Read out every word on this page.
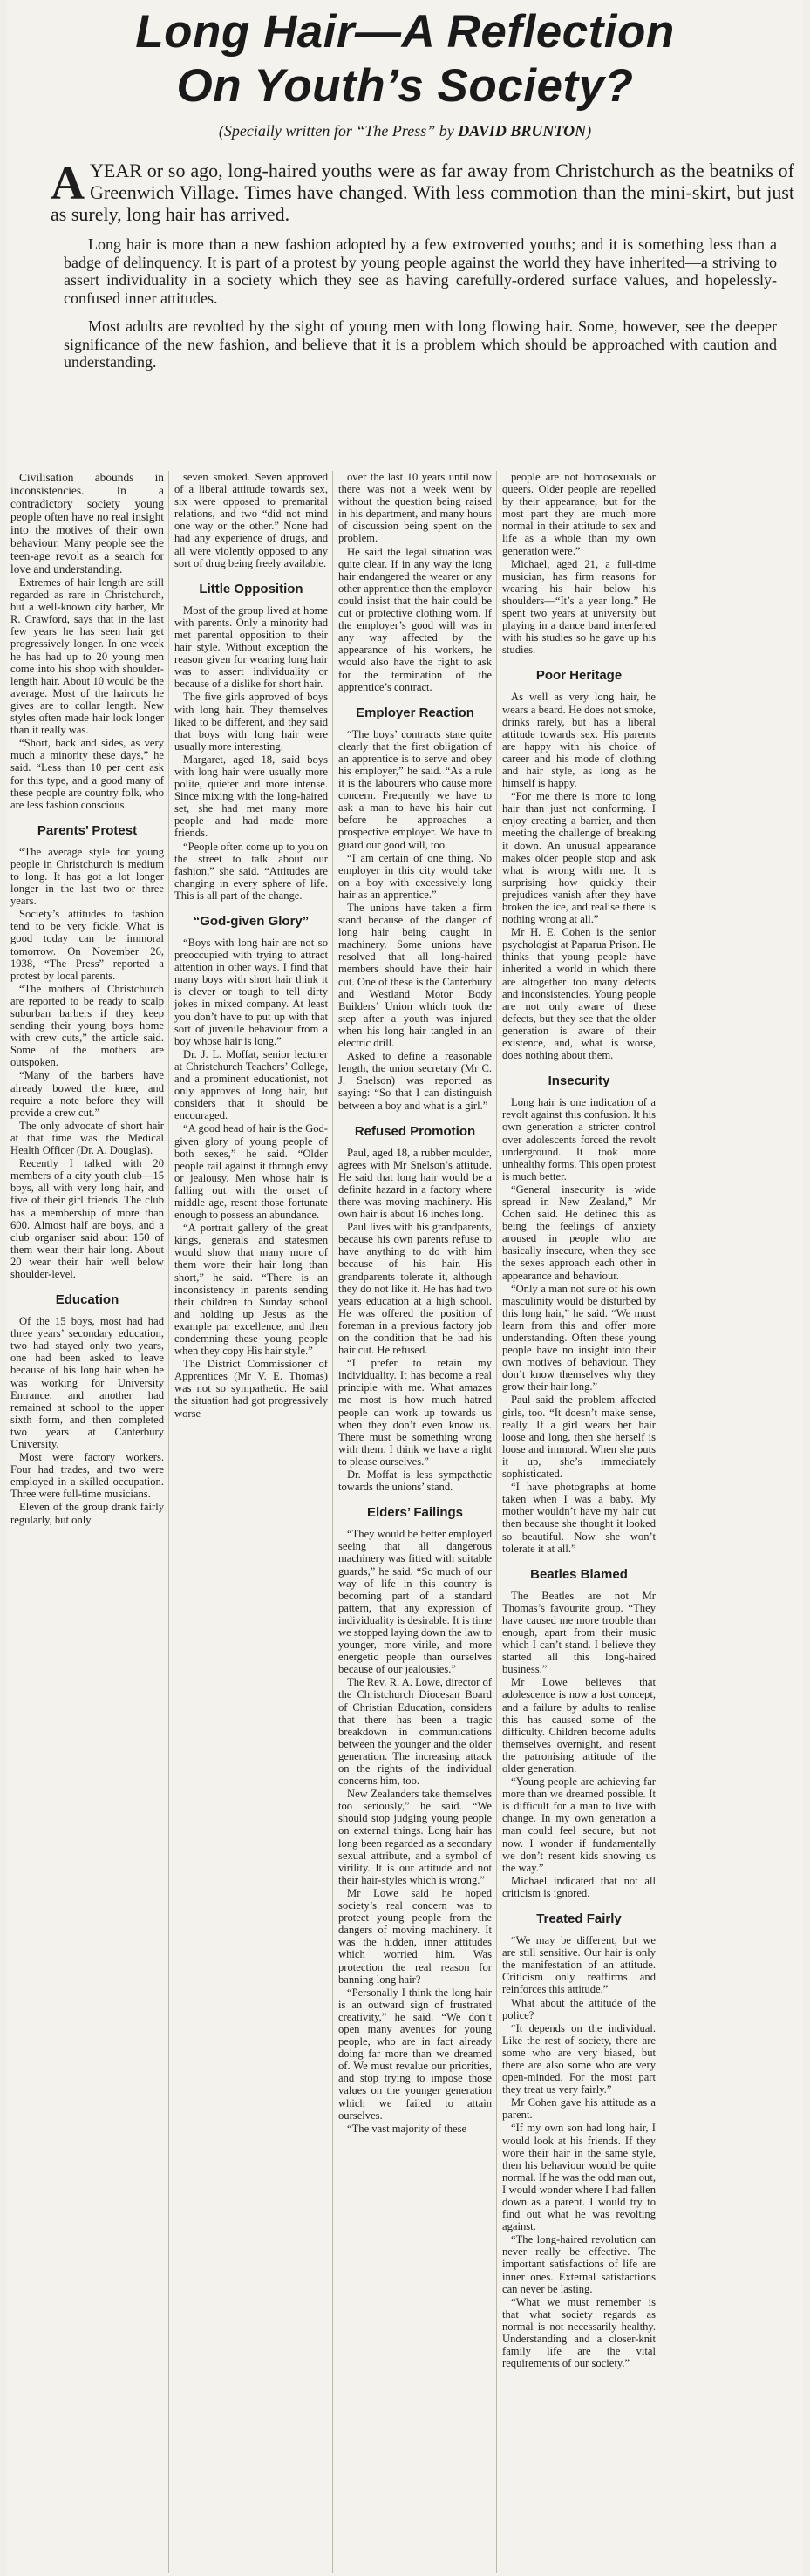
Long Hair—A Reflection
On Youth’s Society?
(Specially written for “The Press” by DAVID BRUNTON)
A YEAR or so ago, long-haired youths were as far away from Christchurch as the beatniks of Greenwich Village. Times have changed. With less commotion than the mini-skirt, but just as surely, long hair has arrived.

Long hair is more than a new fashion adopted by a few extroverted youths; and it is something less than a badge of delinquency. It is part of a protest by young people against the world they have inherited—a striving to assert individuality in a society which they see as having carefully-ordered surface values, and hopelessly-confused inner attitudes.

Most adults are revolted by the sight of young men with long flowing hair. Some, however, see the deeper significance of the new fashion, and believe that it is a problem which should be approached with caution and understanding.

Civilisation abounds in inconsistencies. In a contradictory society young people often have no real insight into the motives of their own behaviour. Many people see the teen-age revolt as a search for love and understanding.

Extremes of hair length are still regarded as rare in Christchurch, but a well-known city barber, Mr R. Crawford, says that in the last few years he has seen hair get progressively longer. In one week he has had up to 20 young men come into his shop with shoulder-length hair. About 10 would be the average. Most of the haircuts he gives are to collar length. New styles often made hair look longer than it really was.

“Short, back and sides, as very much a minority these days,” he said. “Less than 10 per cent ask for this type, and a good many of these people are country folk, who are less fashion conscious.

Parents’ Protest

“The average style for young people in Christchurch is medium to long. It has got a lot longer longer in the last two or three years.

Society’s attitudes to fashion tend to be very fickle. What is good today can be immoral tomorrow. On November 26, 1938, “The Press” reported a protest by local parents.

“The mothers of Christchurch are reported to be ready to scalp suburban barbers if they keep sending their young boys home with crew cuts,” the article said. Some of the mothers are outspoken.

“Many of the barbers have already bowed the knee, and require a note before they will provide a crew cut.”

The only advocate of short hair at that time was the Medical Health Officer (Dr. A. Douglas).

Recently I talked with 20 members of a city youth club—15 boys, all with very long hair, and five of their girl friends. The club has a membership of more than 600. Almost half are boys, and a club organiser said about 150 of them wear their hair long. About 20 wear their hair well below shoulder-level.

Education

Of the 15 boys, most had had three years’ secondary education, two had stayed only two years, one had been asked to leave because of his long hair when he was working for University Entrance, and another had remained at school to the upper sixth form, and then completed two years at Canterbury University.

Most were factory workers. Four had trades, and two were employed in a skilled occupation. Three were full-time musicians.

Eleven of the group drank fairly regularly, but only

seven smoked. Seven approved of a liberal attitude towards sex, six were opposed to premarital relations, and two “did not mind one way or the other.” None had had any experience of drugs, and all were violently opposed to any sort of drug being freely available.

Little Opposition

Most of the group lived at home with parents. Only a minority had met parental opposition to their hair style. Without exception the reason given for wearing long hair was to assert individuality or because of a dislike for short hair.

The five girls approved of boys with long hair. They themselves liked to be different, and they said that boys with long hair were usually more interesting.

Margaret, aged 18, said boys with long hair were usually more polite, quieter and more intense. Since mixing with the long-haired set, she had met many more people and had made more friends.

“People often come up to you on the street to talk about our fashion,” she said. “Attitudes are changing in every sphere of life. This is all part of the change.

“God-given Glory”

“Boys with long hair are not so preoccupied with trying to attract attention in other ways. I find that many boys with short hair think it is clever or tough to tell dirty jokes in mixed company. At least you don’t have to put up with that sort of juvenile behaviour from a boy whose hair is long.”

Dr. J. L. Moffat, senior lecturer at Christchurch Teachers’ College, and a prominent educationist, not only approves of long hair, but considers that it should be encouraged.

“A good head of hair is the God-given glory of young people of both sexes,” he said. “Older people rail against it through envy or jealousy. Men whose hair is falling out with the onset of middle age, resent those fortunate enough to possess an abundance.

“A portrait gallery of the great kings, generals and statesmen would show that many more of them wore their hair long than short,” he said. “There is an inconsistency in parents sending their children to Sunday school and holding up Jesus as the example par excellence, and then condemning these young people when they copy His hair style.”

The District Commissioner of Apprentices (Mr V. E. Thomas) was not so sympathetic. He said the situation had got progressively worse

over the last 10 years until now there was not a week went by without the question being raised in his department, and many hours of discussion being spent on the problem.

He said the legal situation was quite clear. If in any way the long hair endangered the wearer or any other apprentice then the employer could insist that the hair could be cut or protective clothing worn. If the employer’s good will was in any way affected by the appearance of his workers, he would also have the right to ask for the termination of the apprentice’s contract.

Employer Reaction

“The boys’ contracts state quite clearly that the first obligation of an apprentice is to serve and obey his employer,” he said. “As a rule it is the labourers who cause more concern. Frequently we have to ask a man to have his hair cut before he approaches a prospective employer. We have to guard our good will, too.

“I am certain of one thing. No employer in this city would take on a boy with excessively long hair as an apprentice.”

The unions have taken a firm stand because of the danger of long hair being caught in machinery. Some unions have resolved that all long-haired members should have their hair cut. One of these is the Canterbury and Westland Motor Body Builders’ Union which took the step after a youth was injured when his long hair tangled in an electric drill.

Asked to define a reasonable length, the union secretary (Mr C. J. Snelson) was reported as saying: “So that I can distinguish between a boy and what is a girl.”

Refused Promotion

Paul, aged 18, a rubber moulder, agrees with Mr Snelson’s attitude. He said that long hair would be a definite hazard in a factory where there was moving machinery. His own hair is about 16 inches long.

Paul lives with his grandparents, because his own parents refuse to have anything to do with him because of his hair. His grandparents tolerate it, although they do not like it. He has had two years education at a high school. He was offered the position of foreman in a previous factory job on the condition that he had his hair cut. He refused.

“I prefer to retain my individuality. It has become a real principle with me. What amazes me most is how much hatred people can work up towards us when they don’t even know us. There must be something wrong with them. I think we have a right to please ourselves.”

Dr. Moffat is less sympathetic towards the unions’ stand.

Elders’ Failings

“They would be better employed seeing that all dangerous machinery was fitted with suitable guards,” he said. “So much of our way of life in this country is becoming part of a standard pattern, that any expression of individuality is desirable. It is time we stopped laying down the law to younger, more virile, and more energetic people than ourselves because of our jealousies.”

The Rev. R. A. Lowe, director of the Christchurch Diocesan Board of Christian Education, considers that there has been a tragic breakdown in communications between the younger and the older generation. The increasing attack on the rights of the individual concerns him, too.

New Zealanders take themselves too seriously,” he said. “We should stop judging young people on external things. Long hair has long been regarded as a secondary sexual attribute, and a symbol of virility. It is our attitude and not their hair-styles which is wrong.”

Mr Lowe said he hoped society’s real concern was to protect young people from the dangers of moving machinery. It was the hidden, inner attitudes which worried him. Was protection the real reason for banning long hair?

“Personally I think the long hair is an outward sign of frustrated creativity,” he said. “We don’t open many avenues for young people, who are in fact already doing far more than we dreamed of. We must revalue our priorities, and stop trying to impose those values on the younger generation which we failed to attain ourselves.

“The vast majority of these

people are not homosexuals or queers. Older people are repelled by their appearance, but for the most part they are much more normal in their attitude to sex and life as a whole than my own generation were.”

Michael, aged 21, a full-time musician, has firm reasons for wearing his hair below his shoulders—“It’s a year long.” He spent two years at university but playing in a dance band interfered with his studies so he gave up his studies.

Poor Heritage

As well as very long hair, he wears a beard. He does not smoke, drinks rarely, but has a liberal attitude towards sex. His parents are happy with his choice of career and his mode of clothing and hair style, as long as he himself is happy.

“For me there is more to long hair than just not conforming. I enjoy creating a barrier, and then meeting the challenge of breaking it down. An unusual appearance makes older people stop and ask what is wrong with me. It is surprising how quickly their prejudices vanish after they have broken the ice, and realise there is nothing wrong at all.”

Mr H. E. Cohen is the senior psychologist at Paparua Prison. He thinks that young people have inherited a world in which there are altogether too many defects and inconsistencies. Young people are not only aware of these defects, but they see that the older generation is aware of their existence, and, what is worse, does nothing about them.

Insecurity

Long hair is one indication of a revolt against this confusion. It his own generation a stricter control over adolescents forced the revolt underground. It took more unhealthy forms. This open protest is much better.

“General insecurity is wide spread in New Zealand,” Mr Cohen said. He defined this as being the feelings of anxiety aroused in people who are basically insecure, when they see the sexes approach each other in appearance and behaviour.

“Only a man not sure of his own masculinity would be disturbed by this long hair,” he said. “We must learn from this and offer more understanding. Often these young people have no insight into their own motives of behaviour. They don’t know themselves why they grow their hair long.”

Paul said the problem affected girls, too. “It doesn’t make sense, really. If a girl wears her hair loose and long, then she herself is loose and immoral. When she puts it up, she’s immediately sophisticated.

“I have photographs at home taken when I was a baby. My mother wouldn’t have my hair cut then because she thought it looked so beautiful. Now she won’t tolerate it at all.”

Beatles Blamed

The Beatles are not Mr Thomas’s favourite group. “They have caused me more trouble than enough, apart from their music which I can’t stand. I believe they started all this long-haired business.”

Mr Lowe believes that adolescence is now a lost concept, and a failure by adults to realise this has caused some of the difficulty. Children become adults themselves overnight, and resent the patronising attitude of the older generation.

“Young people are achieving far more than we dreamed possible. It is difficult for a man to live with change. In my own generation a man could feel secure, but not now. I wonder if fundamentally we don’t resent kids showing us the way.”

Michael indicated that not all criticism is ignored.

Treated Fairly

“We may be different, but we are still sensitive. Our hair is only the manifestation of an attitude. Criticism only reaffirms and reinforces this attitude.”

What about the attitude of the police?

“It depends on the individual. Like the rest of society, there are some who are very biased, but there are also some who are very open-minded. For the most part they treat us very fairly.”

Mr Cohen gave his attitude as a parent.

“If my own son had long hair, I would look at his friends. If they wore their hair in the same style, then his behaviour would be quite normal. If he was the odd man out, I would wonder where I had fallen down as a parent. I would try to find out what he was revolting against.

“The long-haired revolution can never really be effective. The important satisfactions of life are inner ones. External satisfactions can never be lasting.

“What we must remember is that what society regards as normal is not necessarily healthy. Understanding and a closer-knit family life are the vital requirements of our society.”
